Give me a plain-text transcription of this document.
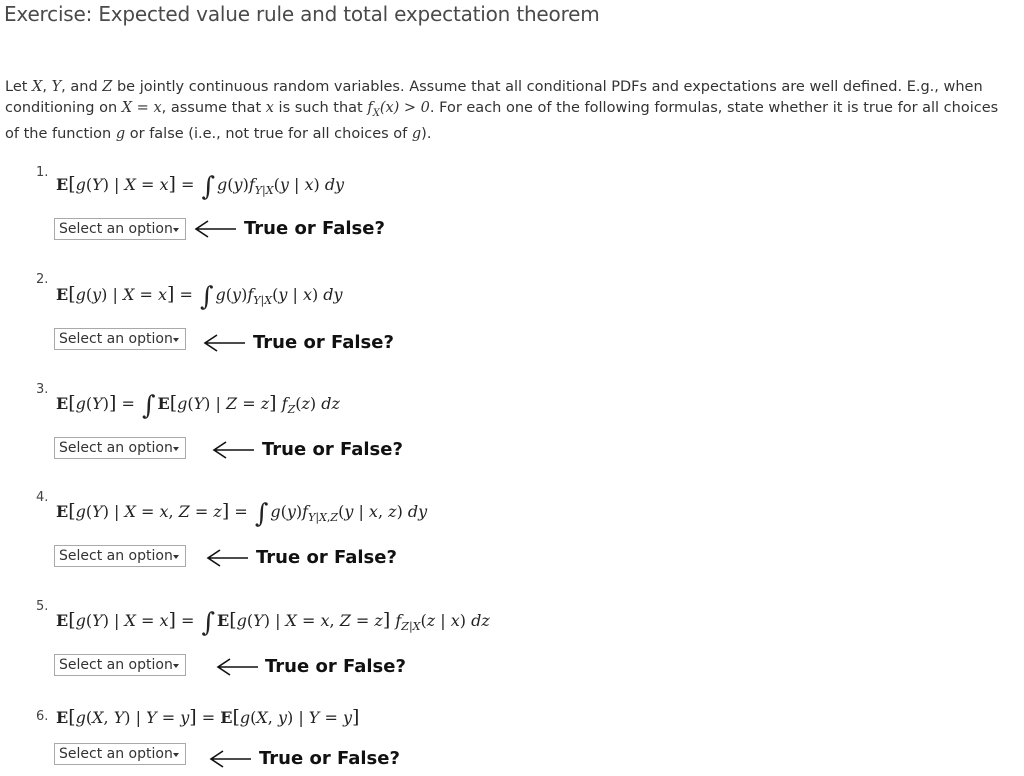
Exercise: Expected value rule and total expectation theorem
Let X, Y, and Z be jointly continuous random variables. Assume that all conditional PDFs and expectations are well defined. E.g., when conditioning on X = x, assume that x is such that $f_X(x) > 0$. For each one of the following formulas, state whether it is true for all choices of the function g or false (i.e., not true for all choices of g).
1.
E[g(Y) | X = x] = ∫ $g(y)f_{Y|X}(y$ | x) dy
Select an option	True or False?
2.
E[g(y) | X = x] = ∫ $g(y)f_{Y|X}(y$ | x) dy
Select an option	True or False?
3.
E[g(Y)] = ∫ E[g(Y) | Z = z] $f_Z(z)$ dz
Select an option	True or False?
4.
E[g(Y) | X = x, Z = z] = ∫ $g(y)f_{Y|X,Z}(y$ | x, z) dy
Select an option	True or False?
5.
E[g(Y) | X = x] = ∫ E[g(Y) | X = x, Z = z] $f_{Z|X}(z$ | x) dz
Select an option	True or False?
6. E[g(X, Y) | Y = y] = E[g(X, y) | Y = y]
Select an option	True or False?
